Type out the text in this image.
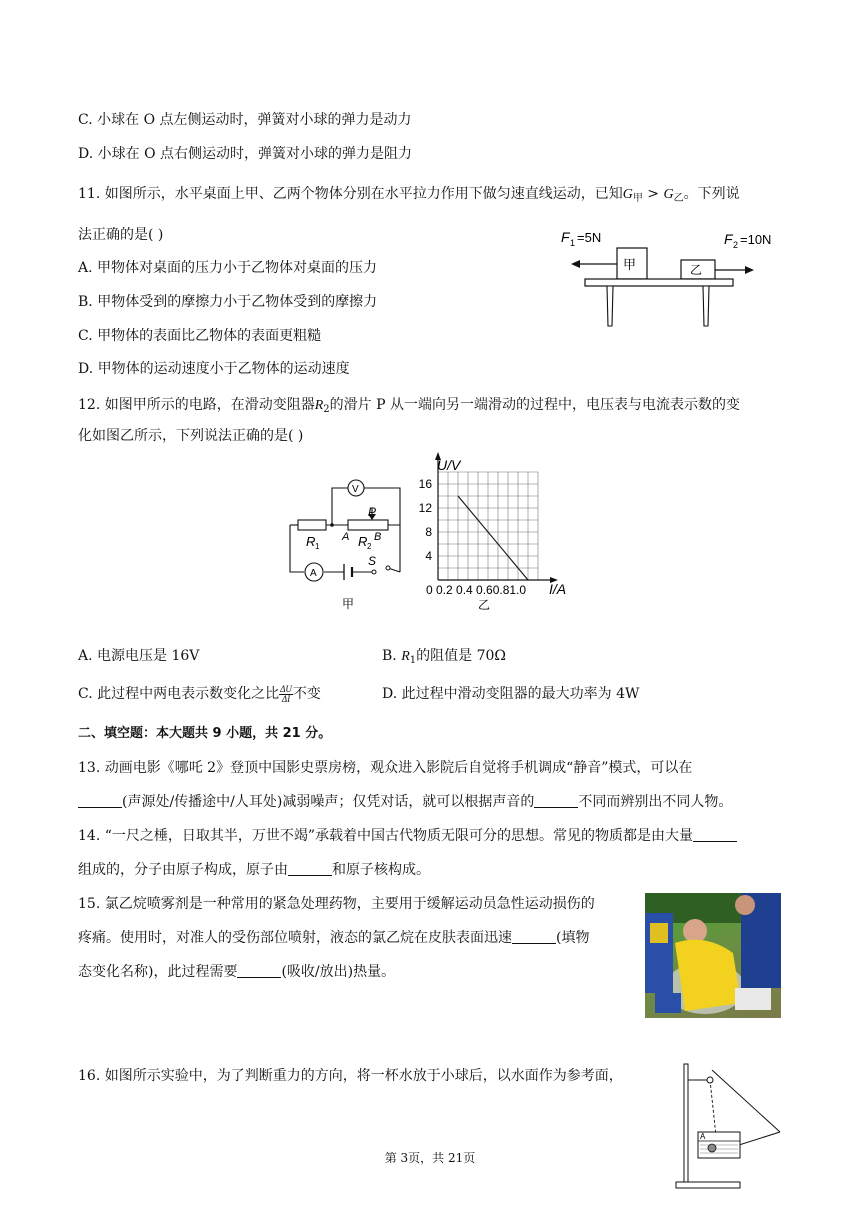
C. 小球在 O 点左侧运动时，弹簧对小球的弹力是动力
D. 小球在 O 点右侧运动时，弹簧对小球的弹力是阻力
11. 如图所示，水平桌面上甲、乙两个物体分别在水平拉力作用下做匀速直线运动，已知$G_甲 > G_乙$。下列说
法正确的是( )
A. 甲物体对桌面的压力小于乙物体对桌面的压力
B. 甲物体受到的摩擦力小于乙物体受到的摩擦力
C. 甲物体的表面比乙物体的表面更粗糙
D. 甲物体的运动速度小于乙物体的运动速度
F 1 =5N
甲
F 2 =10N
乙
12. 如图甲所示的电路，在滑动变阻器$R_2$的滑片 P 从一端向另一端滑动的过程中，电压表与电流表示数的变
化如图乙所示，下列说法正确的是( )
V
A
P
R 1
A R 2
B
S
甲
U/V
4
8
12
16
0 0.2 0.4 0.60.81.0 I/A
乙
A. 电源电压是 16V	B. $R_1$的阻值是 70Ω
C. 此过程中两电表示数变化之比 $\frac{\Delta U}{\Delta I}$ 不变	D. 此过程中滑动变阻器的最大功率为 4W
二、填空题：本大题共 9 小题，共 21 分。
13. 动画电影《哪吒 2》登顶中国影史票房榜，观众进入影院后自觉将手机调成“静音”模式，可以在
(声源处/传播途中/人耳处)减弱噪声；仅凭对话，就可以根据声音的	不同而辨别出不同人物。
14. “一尺之棰，日取其半，万世不竭”承载着中国古代物质无限可分的思想。常见的物质都是由大量
组成的，分子由原子构成，原子由	和原子核构成。
15. 氯乙烷喷雾剂是一种常用的紧急处理药物，主要用于缓解运动员急性运动损伤的
疼痛。使用时，对准人的受伤部位喷射，液态的氯乙烷在皮肤表面迅速	(填物
态变化名称)，此过程需要	(吸收/放出)热量。
16. 如图所示实验中，为了判断重力的方向，将一杯水放于小球后，以水面作为参考面，
A
第 3页，共 21页
